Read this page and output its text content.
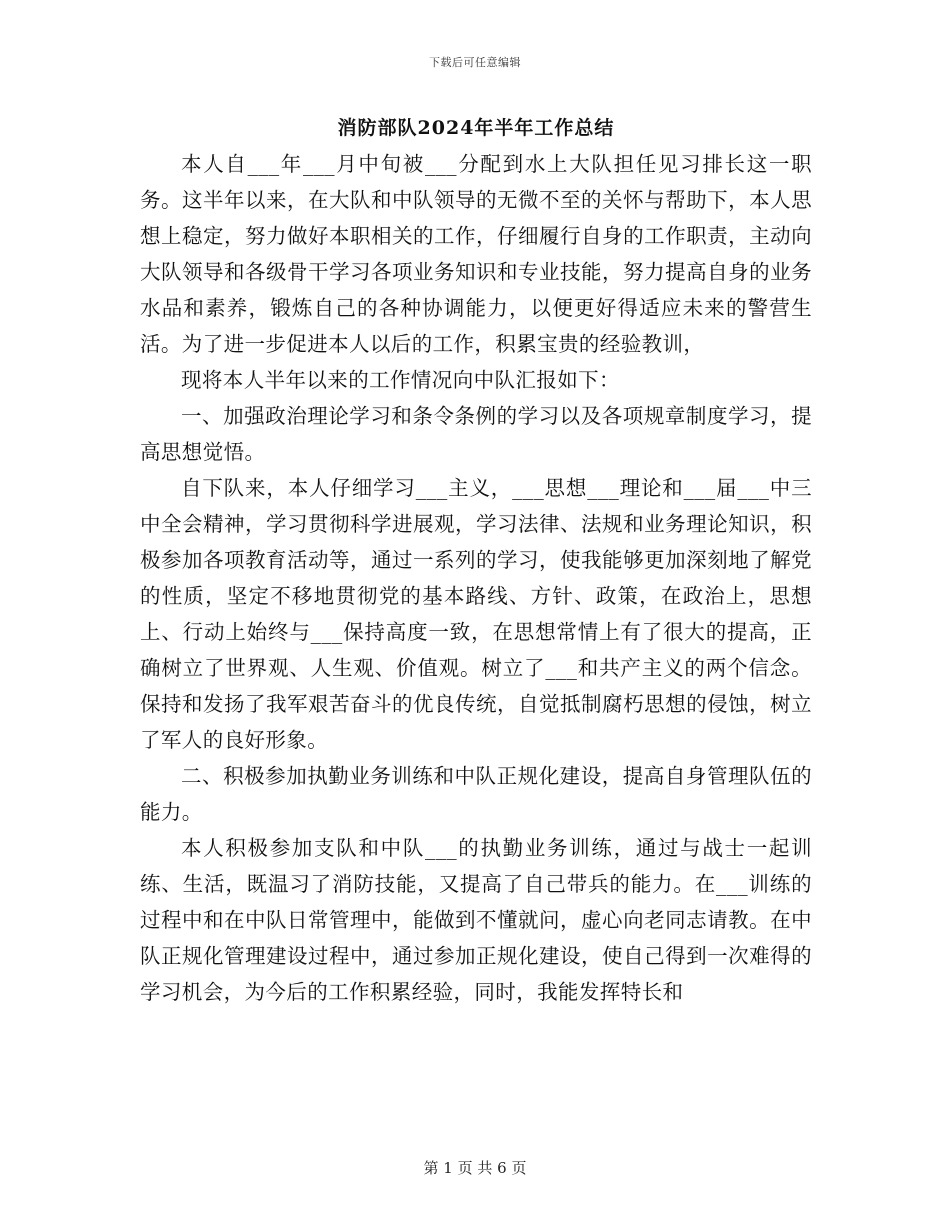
下载后可任意编辑
消防部队2024年半年工作总结

本人自___年___月中旬被___分配到水上大队担任见习排长这一职务。这半年以来，在大队和中队领导的无微不至的关怀与帮助下，本人思想上稳定，努力做好本职相关的工作，仔细履行自身的工作职责，主动向大队领导和各级骨干学习各项业务知识和专业技能，努力提高自身的业务水品和素养，锻炼自己的各种协调能力，以便更好得适应未来的警营生活。为了进一步促进本人以后的工作，积累宝贵的经验教训，

现将本人半年以来的工作情况向中队汇报如下：

一、加强政治理论学习和条令条例的学习以及各项规章制度学习，提高思想觉悟。

自下队来，本人仔细学习___主义，___思想___理论和___届___中三中全会精神，学习贯彻科学进展观，学习法律、法规和业务理论知识，积极参加各项教育活动等，通过一系列的学习，使我能够更加深刻地了解党的性质，坚定不移地贯彻党的基本路线、方针、政策，在政治上，思想上、行动上始终与___保持高度一致，在思想常情上有了很大的提高，正确树立了世界观、人生观、价值观。树立了___和共产主义的两个信念。保持和发扬了我军艰苦奋斗的优良传统，自觉抵制腐朽思想的侵蚀，树立了军人的良好形象。

二、积极参加执勤业务训练和中队正规化建设，提高自身管理队伍的能力。

本人积极参加支队和中队___的执勤业务训练，通过与战士一起训练、生活，既温习了消防技能，又提高了自己带兵的能力。在___训练的过程中和在中队日常管理中，能做到不懂就问，虚心向老同志请教。在中队正规化管理建设过程中，通过参加正规化建设，使自己得到一次难得的学习机会，为今后的工作积累经验，同时，我能发挥特长和

第 1 页 共 6 页
